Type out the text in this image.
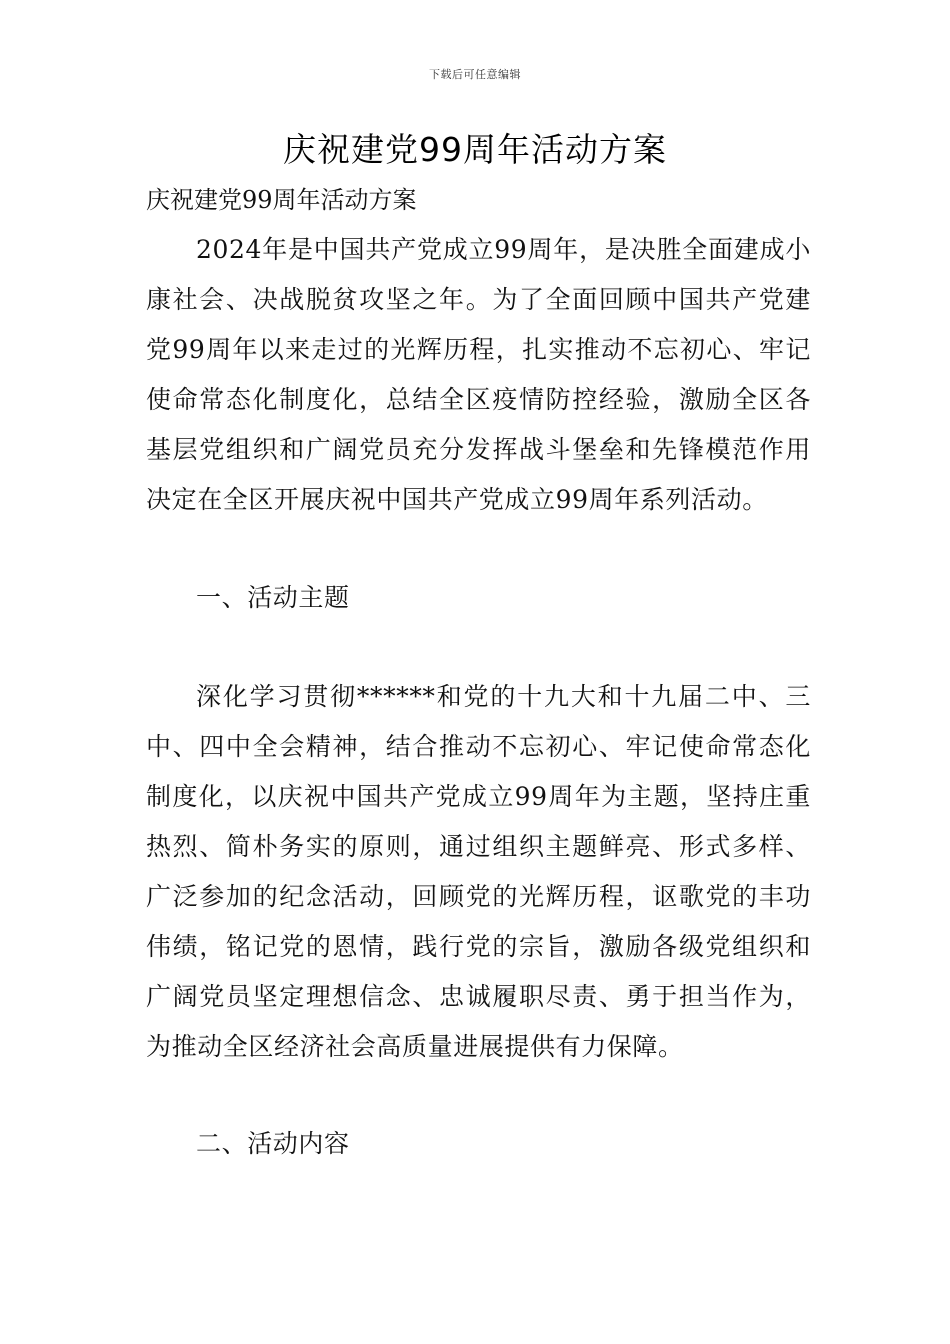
下载后可任意编辑
庆祝建党99周年活动方案
庆祝建党99周年活动方案

2024年是中国共产党成立99周年，是决胜全面建成小康社会、决战脱贫攻坚之年。为了全面回顾中国共产党建党99周年以来走过的光辉历程，扎实推动不忘初心、牢记使命常态化制度化，总结全区疫情防控经验，激励全区各基层党组织和广阔党员充分发挥战斗堡垒和先锋模范作用决定在全区开展庆祝中国共产党成立99周年系列活动。

一、活动主题

深化学习贯彻******和党的十九大和十九届二中、三中、四中全会精神，结合推动不忘初心、牢记使命常态化制度化，以庆祝中国共产党成立99周年为主题，坚持庄重热烈、简朴务实的原则，通过组织主题鲜亮、形式多样、广泛参加的纪念活动，回顾党的光辉历程，讴歌党的丰功伟绩，铭记党的恩情，践行党的宗旨，激励各级党组织和广阔党员坚定理想信念、忠诚履职尽责、勇于担当作为，为推动全区经济社会高质量进展提供有力保障。

二、活动内容
